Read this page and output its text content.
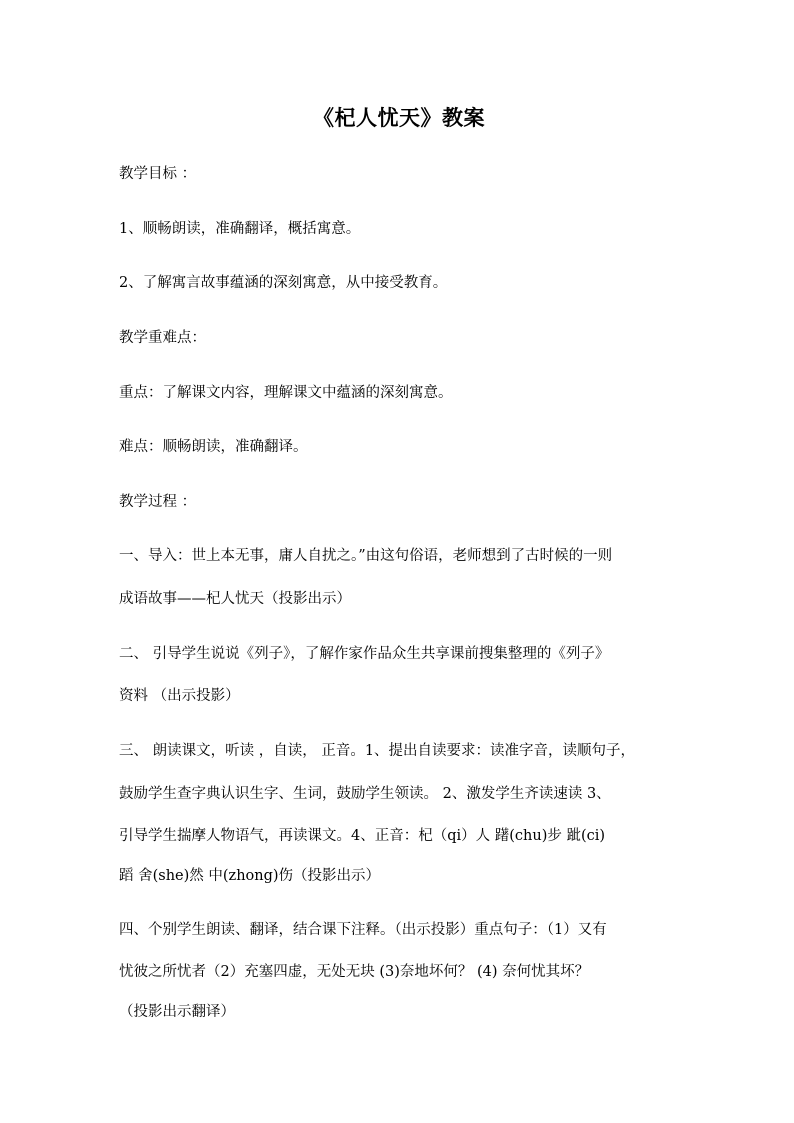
《杞人忧天》教案
教学目标 ：
1、顺畅朗读，准确翻译，概括寓意。
2、了解寓言故事蕴涵的深刻寓意，从中接受教育。
教学重难点：
重点：了解课文内容，理解课文中蕴涵的深刻寓意。
难点：顺畅朗读，准确翻译。
教学过程 ：
一、导入：世上本无事，庸人自扰之。”由这句俗语，老师想到了古时候的一则
成语故事——杞人忧天（投影出示）
二、 引导学生说说《列子》，了解作家作品众生共享课前搜集整理的《列子》
资料 （出示投影）
三、 朗读课文，听读 ，自读， 正音。1、提出自读要求：读准字音，读顺句子，
鼓励学生查字典认识生字、生词，鼓励学生领读。 2、激发学生齐读速读 3、
引导学生揣摩人物语气，再读课文。4、正音：杞（qi）人 躇(chu)步 跐(ci)
蹈 舍(she)然 中(zhong)伤（投影出示）
四、个别学生朗读、翻译，结合课下注释。（出示投影）重点句子：（1）又有
忧彼之所忧者（2）充塞四虚，无处无块 (3)奈地坏何？ (4) 奈何忧其坏？
（投影出示翻译）
